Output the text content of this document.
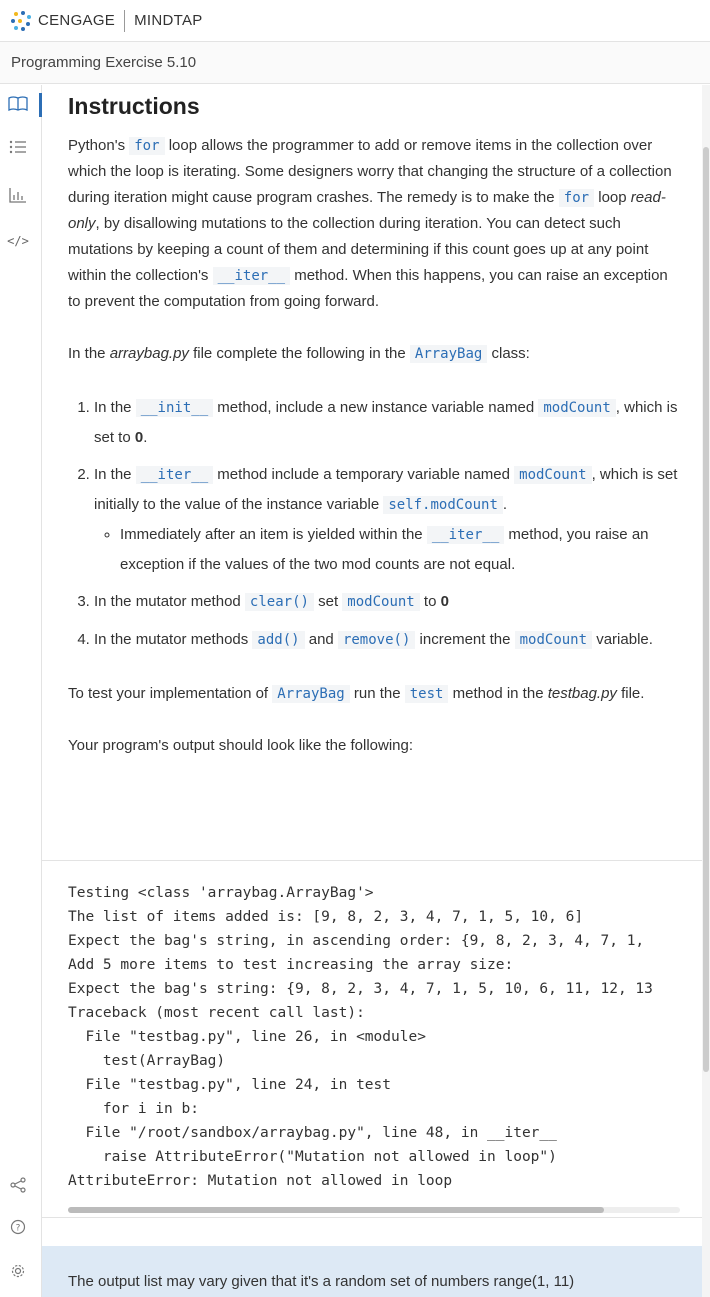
CENGAGE MINDTAP
Programming Exercise 5.10
</>
?
Instructions

Python's for loop allows the programmer to add or remove items in the collection over which the loop is iterating. Some designers worry that changing the structure of a collection during iteration might cause program crashes. The remedy is to make the for loop read-only, by disallowing mutations to the collection during iteration. You can detect such mutations by keeping a count of them and determining if this count goes up at any point within the collection's __iter__ method. When this happens, you can raise an exception to prevent the computation from going forward.

In the arraybag.py file complete the following in the ArrayBag class:

1. In the __init__ method, include a new instance variable named modCount , which is set to 0.
2. In the __iter__ method include a temporary variable named modCount , which is set initially to the value of the instance variable self.modCount .
◦ Immediately after an item is yielded within the __iter__ method, you raise an exception if the values of the two mod counts are not equal.
3. In the mutator method clear() set modCount to 0
4. In the mutator methods add() and remove() increment the modCount variable.

To test your implementation of ArrayBag run the test method in the testbag.py file.

Your program's output should look like the following:

Testing <class 'arraybag.ArrayBag'>
The list of items added is: [9, 8, 2, 3, 4, 7, 1, 5, 10, 6]
Expect the bag's string, in ascending order: {9, 8, 2, 3, 4, 7, 1,
Add 5 more items to test increasing the array size:
Expect the bag's string: {9, 8, 2, 3, 4, 7, 1, 5, 10, 6, 11, 12, 13
Traceback (most recent call last):
File "testbag.py", line 26, in <module>
test(ArrayBag)
File "testbag.py", line 24, in test
for i in b:
File "/root/sandbox/arraybag.py", line 48, in __iter__
raise AttributeError("Mutation not allowed in loop")
AttributeError: Mutation not allowed in loop
The output list may vary given that it's a random set of numbers range(1, 11)
